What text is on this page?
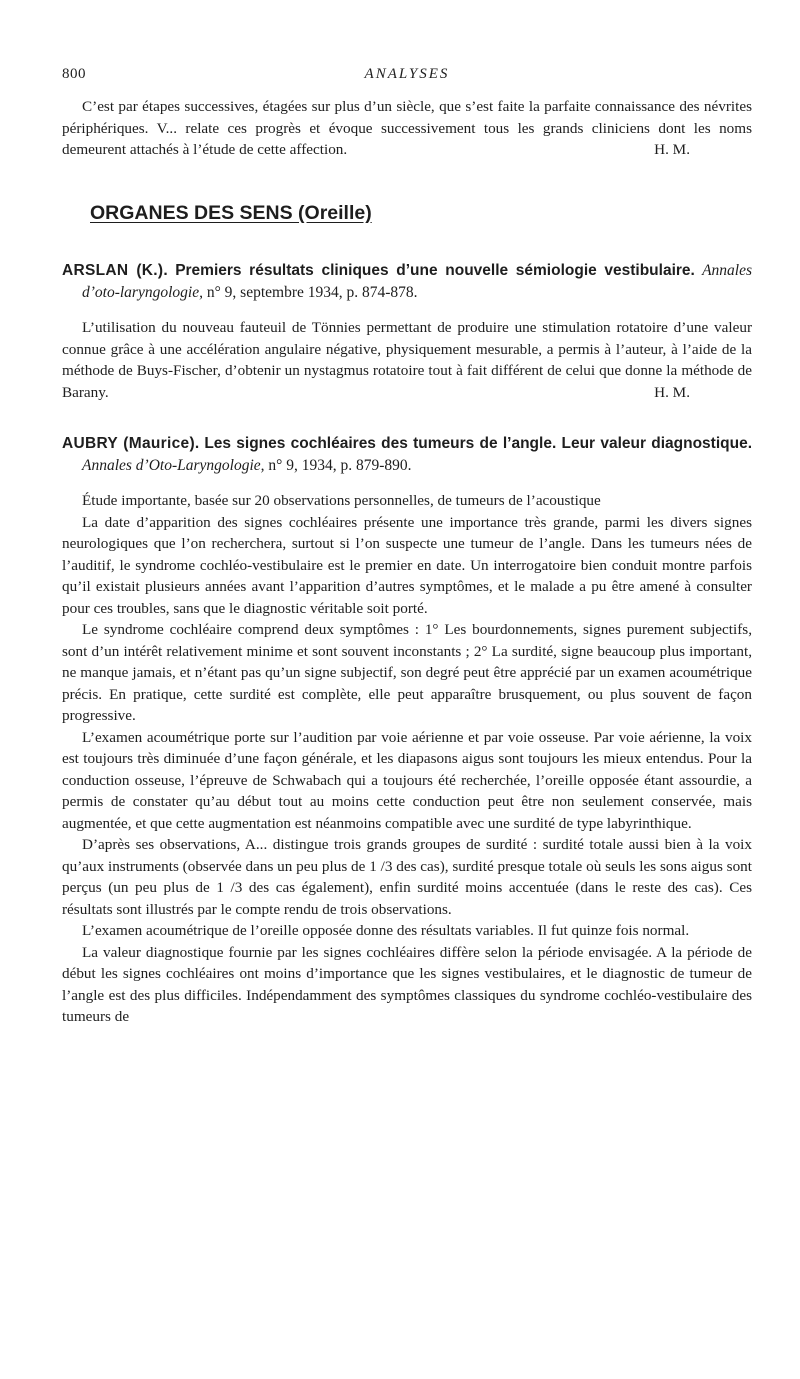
800	ANALYSES

C’est par étapes successives, étagées sur plus d’un siècle, que s’est faite la parfaite connaissance des névrites périphériques. V... relate ces progrès et évoque successivement tous les grands cliniciens dont les noms demeurent attachés à l’étude de cette affection.	H. M.
ORGANES DES SENS (Oreille)

ARSLAN (K.). Premiers résultats cliniques d’une nouvelle sémiologie vestibulaire. Annales d’oto-laryngologie, n° 9, septembre 1934, p. 874-878.

L’utilisation du nouveau fauteuil de Tönnies permettant de produire une stimulation rotatoire d’une valeur connue grâce à une accélération angulaire négative, physiquement mesurable, a permis à l’auteur, à l’aide de la méthode de Buys-Fischer, d’obtenir un nystagmus rotatoire tout à fait différent de celui que donne la méthode de Barany.	H. M.

AUBRY (Maurice). Les signes cochléaires des tumeurs de l’angle. Leur valeur diagnostique. Annales d’Oto-Laryngologie, n° 9, 1934, p. 879-890.

Étude importante, basée sur 20 observations personnelles, de tumeurs de l’acoustique

La date d’apparition des signes cochléaires présente une importance très grande, parmi les divers signes neurologiques que l’on recherchera, surtout si l’on suspecte une tumeur de l’angle. Dans les tumeurs nées de l’auditif, le syndrome cochléo-vestibulaire est le premier en date. Un interrogatoire bien conduit montre parfois qu’il existait plusieurs années avant l’apparition d’autres symptômes, et le malade a pu être amené à consulter pour ces troubles, sans que le diagnostic véritable soit porté.

Le syndrome cochléaire comprend deux symptômes : 1° Les bourdonnements, signes purement subjectifs, sont d’un intérêt relativement minime et sont souvent inconstants ; 2° La surdité, signe beaucoup plus important, ne manque jamais, et n’étant pas qu’un signe subjectif, son degré peut être apprécié par un examen acoumétrique précis. En pratique, cette surdité est complète, elle peut apparaître brusquement, ou plus souvent de façon progressive.

L’examen acoumétrique porte sur l’audition par voie aérienne et par voie osseuse. Par voie aérienne, la voix est toujours très diminuée d’une façon générale, et les diapasons aigus sont toujours les mieux entendus. Pour la conduction osseuse, l’épreuve de Schwabach qui a toujours été recherchée, l’oreille opposée étant assourdie, a permis de constater qu’au début tout au moins cette conduction peut être non seulement conservée, mais augmentée, et que cette augmentation est néanmoins compatible avec une surdité de type labyrinthique.

D’après ses observations, A... distingue trois grands groupes de surdité : surdité totale aussi bien à la voix qu’aux instruments (observée dans un peu plus de 1 /3 des cas), surdité presque totale où seuls les sons aigus sont perçus (un peu plus de 1 /3 des cas également), enfin surdité moins accentuée (dans le reste des cas). Ces résultats sont illustrés par le compte rendu de trois observations.

L’examen acoumétrique de l’oreille opposée donne des résultats variables. Il fut quinze fois normal.

La valeur diagnostique fournie par les signes cochléaires diffère selon la période envisagée. A la période de début les signes cochléaires ont moins d’importance que les signes vestibulaires, et le diagnostic de tumeur de l’angle est des plus difficiles. Indépendamment des symptômes classiques du syndrome cochléo-vestibulaire des tumeurs de
